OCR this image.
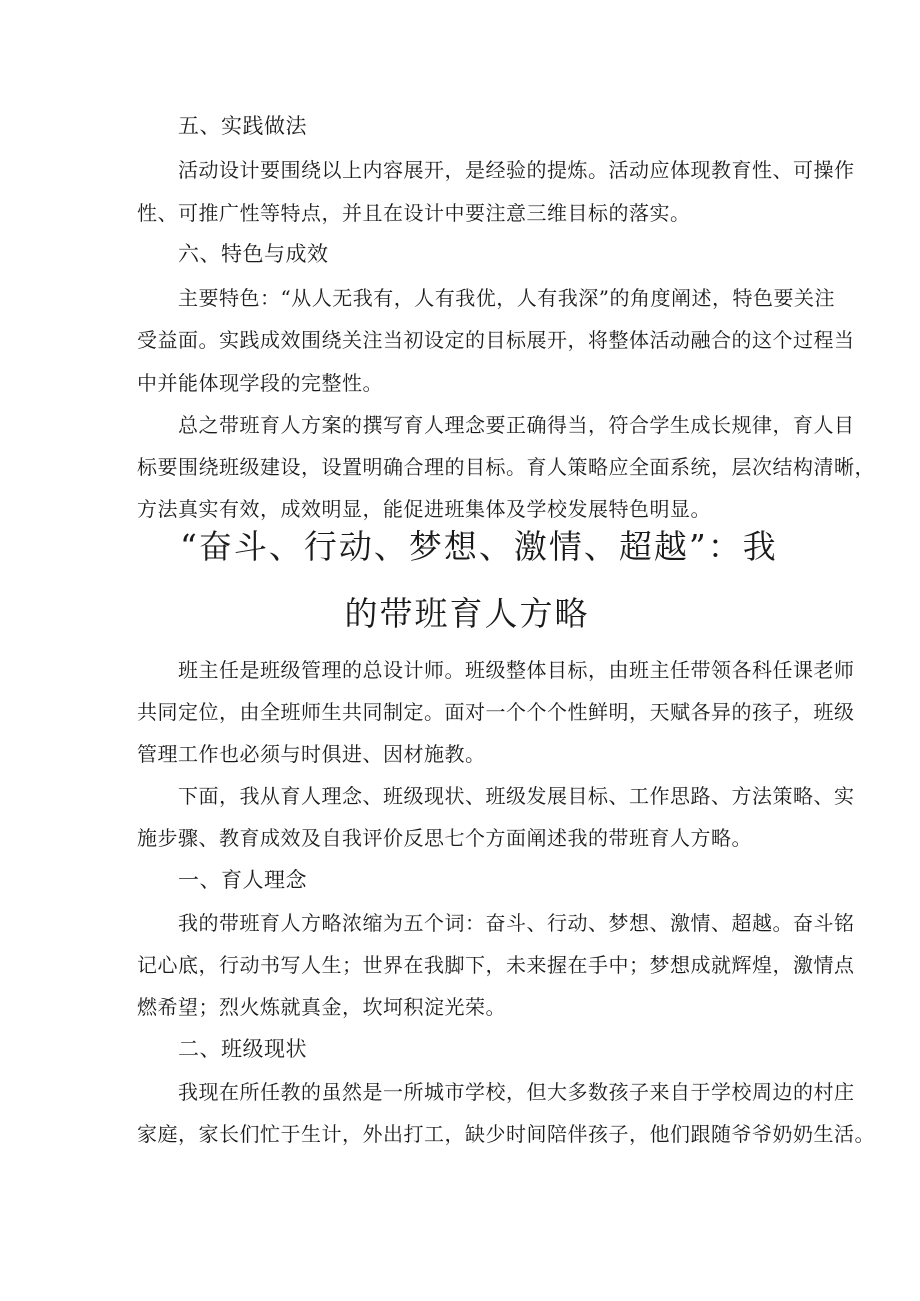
五、实践做法
活动设计要围绕以上内容展开，是经验的提炼。活动应体现教育性、可操作
性、可推广性等特点，并且在设计中要注意三维目标的落实。
六、特色与成效
主要特色：“从人无我有，人有我优，人有我深”的角度阐述，特色要关注
受益面。实践成效围绕关注当初设定的目标展开，将整体活动融合的这个过程当
中并能体现学段的完整性。
总之带班育人方案的撰写育人理念要正确得当，符合学生成长规律，育人目
标要围绕班级建设，设置明确合理的目标。育人策略应全面系统，层次结构清晰，
方法真实有效，成效明显，能促进班集体及学校发展特色明显。
“奋斗、行动、梦想、激情、超越”：我
的带班育人方略
班主任是班级管理的总设计师。班级整体目标，由班主任带领各科任课老师
共同定位，由全班师生共同制定。面对一个个个性鲜明，天赋各异的孩子，班级
管理工作也必须与时俱进、因材施教。
下面，我从育人理念、班级现状、班级发展目标、工作思路、方法策略、实
施步骤、教育成效及自我评价反思七个方面阐述我的带班育人方略。
一、育人理念
我的带班育人方略浓缩为五个词：奋斗、行动、梦想、激情、超越。奋斗铭
记心底，行动书写人生；世界在我脚下，未来握在手中；梦想成就辉煌，激情点
燃希望；烈火炼就真金，坎坷积淀光荣。
二、班级现状
我现在所任教的虽然是一所城市学校，但大多数孩子来自于学校周边的村庄
家庭，家长们忙于生计，外出打工，缺少时间陪伴孩子，他们跟随爷爷奶奶生活。
